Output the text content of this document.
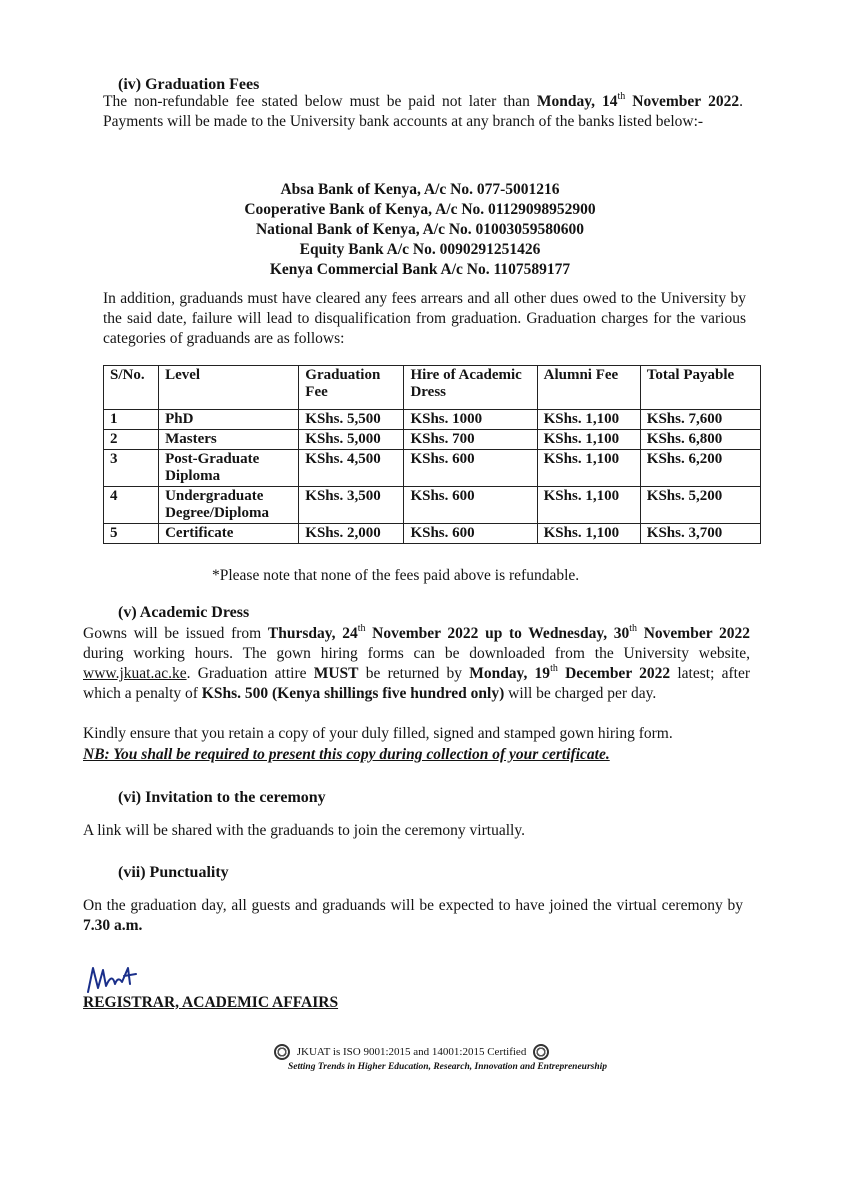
(iv) Graduation Fees
The non-refundable fee stated below must be paid not later than Monday, 14th November 2022. Payments will be made to the University bank accounts at any branch of the banks listed below:-
Absa Bank of Kenya, A/c No. 077-5001216
Cooperative Bank of Kenya, A/c No. 01129098952900
National Bank of Kenya, A/c No. 01003059580600
Equity Bank A/c No. 0090291251426
Kenya Commercial Bank A/c No. 1107589177
In addition, graduands must have cleared any fees arrears and all other dues owed to the University by the said date, failure will lead to disqualification from graduation. Graduation charges for the various categories of graduands are as follows:
S/No.	Level	Graduation Fee	Hire of Academic Dress	Alumni Fee	Total Payable
1	PhD	KShs. 5,500	KShs. 1000	KShs. 1,100	KShs. 7,600
2	Masters	KShs. 5,000	KShs. 700	KShs. 1,100	KShs. 6,800
3	Post-Graduate Diploma	KShs. 4,500	KShs. 600	KShs. 1,100	KShs. 6,200
4	Undergraduate Degree/Diploma	KShs. 3,500	KShs. 600	KShs. 1,100	KShs. 5,200
5	Certificate	KShs. 2,000	KShs. 600	KShs. 1,100	KShs. 3,700
*Please note that none of the fees paid above is refundable.
(v) Academic Dress
Gowns will be issued from Thursday, 24th November 2022 up to Wednesday, 30th November 2022 during working hours. The gown hiring forms can be downloaded from the University website, www.jkuat.ac.ke. Graduation attire MUST be returned by Monday, 19th December 2022 latest; after which a penalty of KShs. 500 (Kenya shillings five hundred only) will be charged per day.
Kindly ensure that you retain a copy of your duly filled, signed and stamped gown hiring form.
NB: You shall be required to present this copy during collection of your certificate.
(vi) Invitation to the ceremony
A link will be shared with the graduands to join the ceremony virtually.
(vii) Punctuality
On the graduation day, all guests and graduands will be expected to have joined the virtual ceremony by 7.30 a.m.
REGISTRAR, ACADEMIC AFFAIRS
JKUAT is ISO 9001:2015 and 14001:2015 Certified
Setting Trends in Higher Education, Research, Innovation and Entrepreneurship
